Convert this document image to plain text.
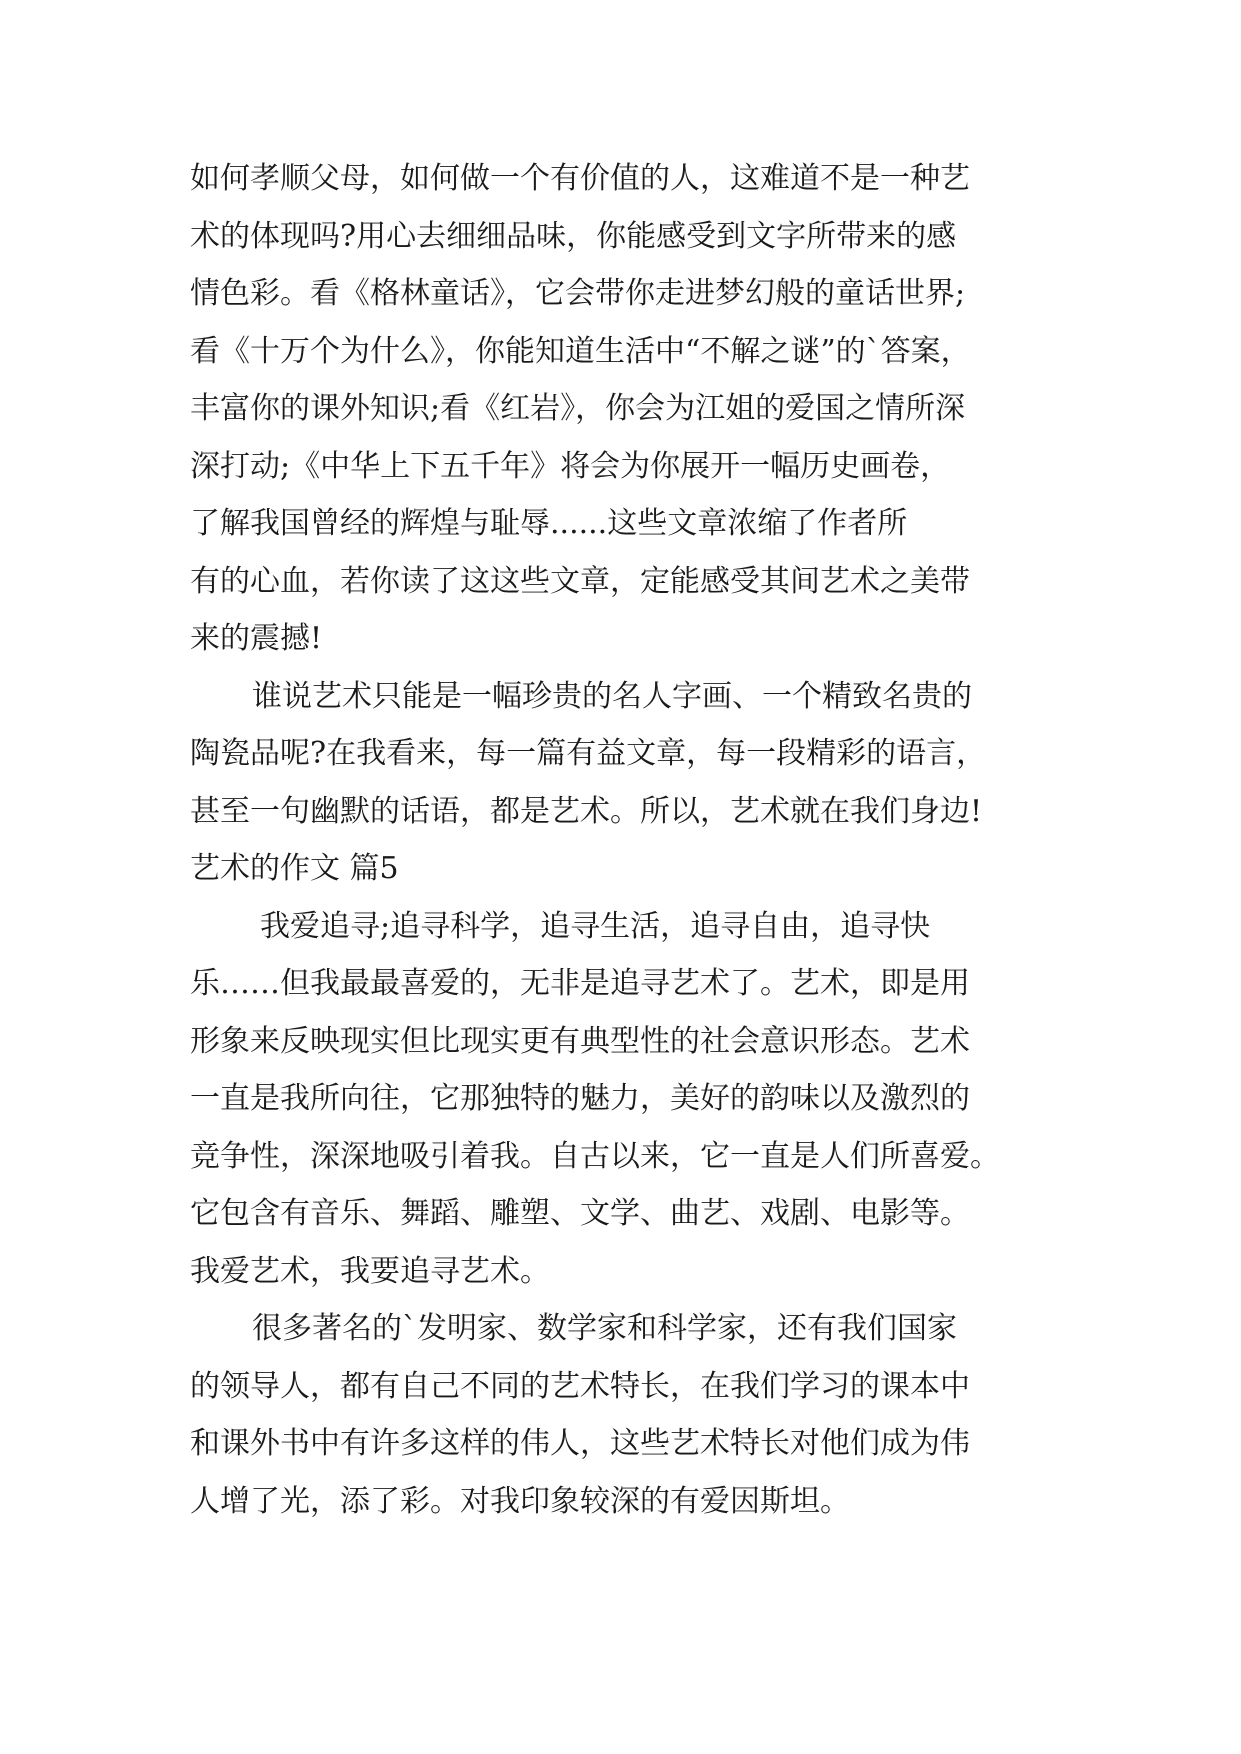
如何孝顺父母，如何做一个有价值的人，这难道不是一种艺
术的体现吗?用心去细细品味，你能感受到文字所带来的感
情色彩。看《格林童话》，它会带你走进梦幻般的童话世界;
看《十万个为什么》，你能知道生活中“不解之谜”的`答案，
丰富你的课外知识;看《红岩》，你会为江姐的爱国之情所深
深打动;《中华上下五千年》将会为你展开一幅历史画卷，
了解我国曾经的辉煌与耻辱......这些文章浓缩了作者所
有的心血，若你读了这这些文章，定能感受其间艺术之美带
来的震撼!
谁说艺术只能是一幅珍贵的名人字画、一个精致名贵的
陶瓷品呢?在我看来，每一篇有益文章，每一段精彩的语言，
甚至一句幽默的话语，都是艺术。所以，艺术就在我们身边!
艺术的作文 篇5
我爱追寻;追寻科学，追寻生活，追寻自由，追寻快
乐……但我最最喜爱的，无非是追寻艺术了。艺术，即是用
形象来反映现实但比现实更有典型性的社会意识形态。艺术
一直是我所向往，它那独特的魅力，美好的韵味以及激烈的
竞争性，深深地吸引着我。自古以来，它一直是人们所喜爱。
它包含有音乐、舞蹈、雕塑、文学、曲艺、戏剧、电影等。
我爱艺术，我要追寻艺术。
很多著名的`发明家、数学家和科学家，还有我们国家
的领导人，都有自己不同的艺术特长，在我们学习的课本中
和课外书中有许多这样的伟人，这些艺术特长对他们成为伟
人增了光，添了彩。对我印象较深的有爱因斯坦。
